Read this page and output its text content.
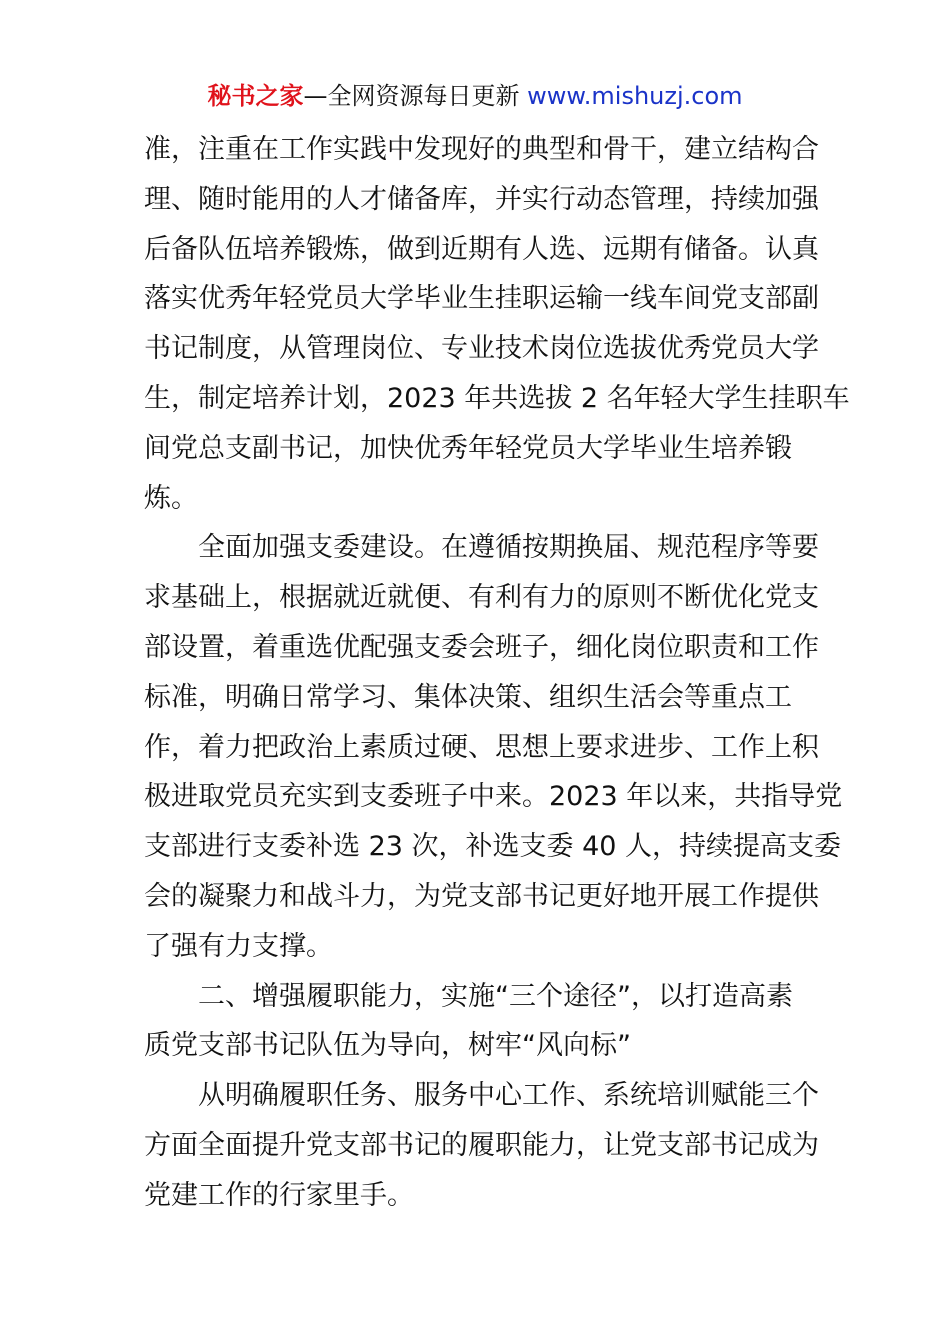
秘书之家—全网资源每日更新 www.mishuzj.com
准，注重在工作实践中发现好的典型和骨干，建立结构合
理、随时能用的人才储备库，并实行动态管理，持续加强
后备队伍培养锻炼，做到近期有人选、远期有储备。认真
落实优秀年轻党员大学毕业生挂职运输一线车间党支部副
书记制度，从管理岗位、专业技术岗位选拔优秀党员大学
生，制定培养计划，2023 年共选拔 2 名年轻大学生挂职车
间党总支副书记，加快优秀年轻党员大学毕业生培养锻
炼。
全面加强支委建设。在遵循按期换届、规范程序等要
求基础上，根据就近就便、有利有力的原则不断优化党支
部设置，着重选优配强支委会班子，细化岗位职责和工作
标准，明确日常学习、集体决策、组织生活会等重点工
作，着力把政治上素质过硬、思想上要求进步、工作上积
极进取党员充实到支委班子中来。2023 年以来，共指导党
支部进行支委补选 23 次，补选支委 40 人，持续提高支委
会的凝聚力和战斗力，为党支部书记更好地开展工作提供
了强有力支撑。
二、增强履职能力，实施“三个途径”，以打造高素
质党支部书记队伍为导向，树牢“风向标”
从明确履职任务、服务中心工作、系统培训赋能三个
方面全面提升党支部书记的履职能力，让党支部书记成为
党建工作的行家里手。
